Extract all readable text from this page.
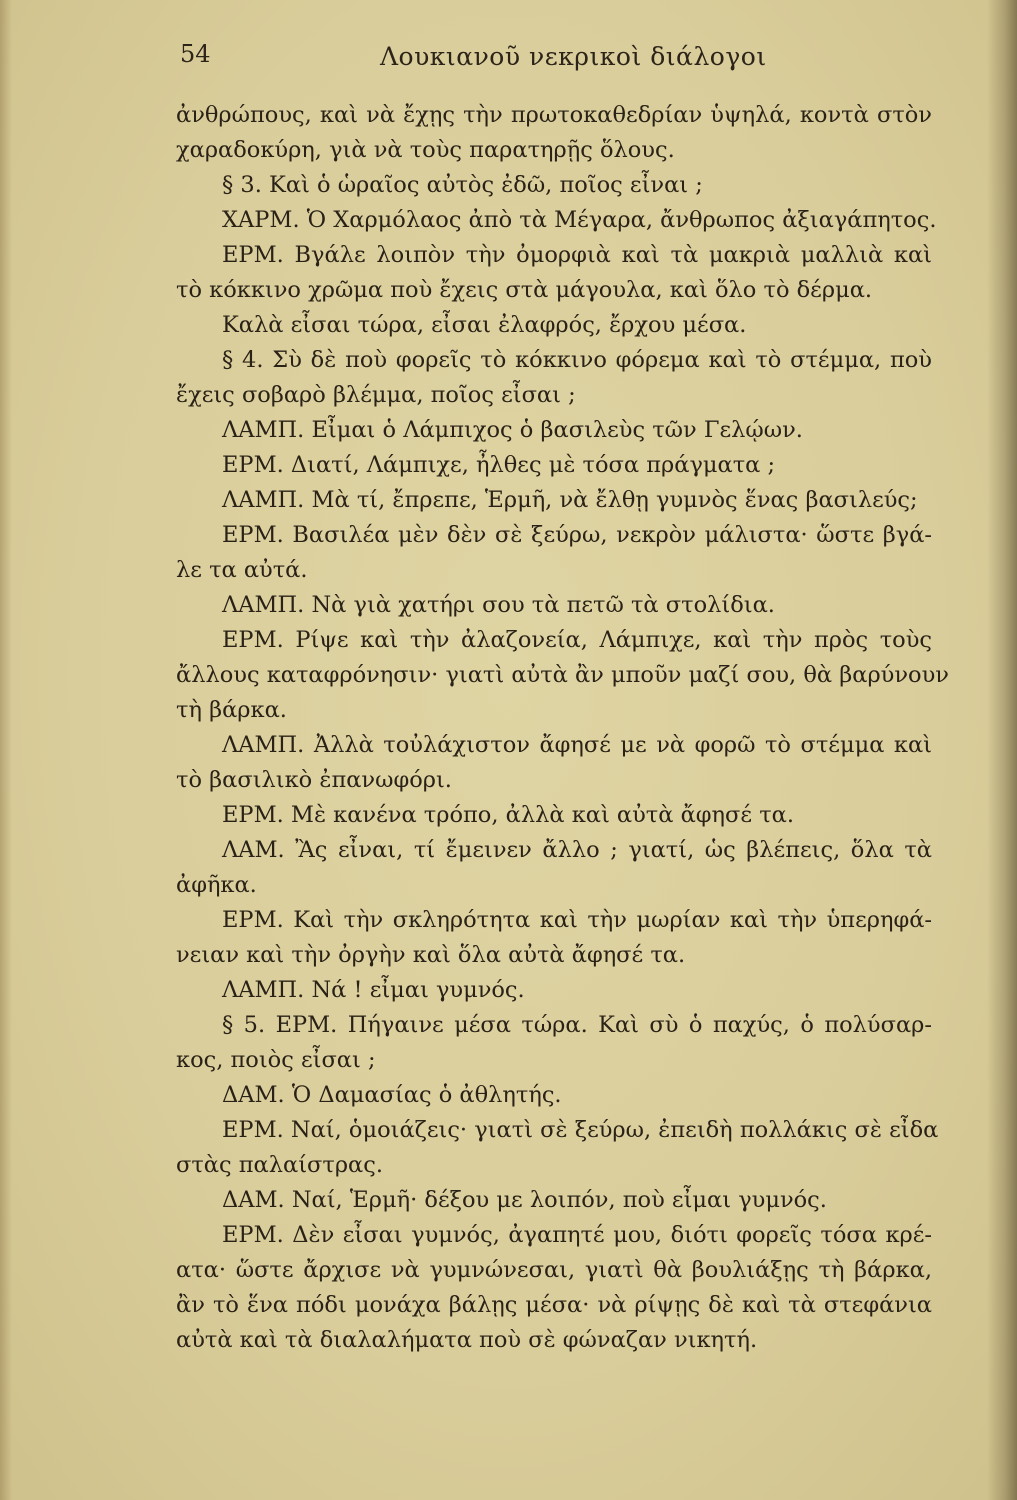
54	Λουκιανοῦ νεκρικοὶ διάλογοι
ἀνθρώπους, καὶ νὰ ἔχῃς τὴν πρωτοκαθεδρίαν ὑψηλά, κοντὰ στὸν
χαραδοκύρη, γιὰ νὰ τοὺς παρατηρῇς ὅλους.
§ 3. Καὶ ὁ ὡραῖος αὐτὸς ἐδῶ, ποῖος εἶναι ;
ΧΑΡΜ. Ὁ Χαρμόλαος ἀπὸ τὰ Μέγαρα, ἄνθρωπος ἀξιαγάπητος.
ΕΡΜ. Βγάλε λοιπὸν τὴν ὀμορφιὰ καὶ τὰ μακριὰ μαλλιὰ καὶ
τὸ κόκκινο χρῶμα ποὺ ἔχεις στὰ μάγουλα, καὶ ὅλο τὸ δέρμα.
Καλὰ εἶσαι τώρα, εἶσαι ἐλαφρός, ἔρχου μέσα.
§ 4. Σὺ δὲ ποὺ φορεῖς τὸ κόκκινο φόρεμα καὶ τὸ στέμμα, ποὺ
ἔχεις σοβαρὸ βλέμμα, ποῖος εἶσαι ;
ΛΑΜΠ. Εἶμαι ὁ Λάμπιχος ὁ βασιλεὺς τῶν Γελῴων.
ΕΡΜ. Διατί, Λάμπιχε, ἦλθες μὲ τόσα πράγματα ;
ΛΑΜΠ. Μὰ τί, ἔπρεπε, Ἑρμῆ, νὰ ἔλθῃ γυμνὸς ἕνας βασιλεύς;
ΕΡΜ. Βασιλέα μὲν δὲν σὲ ξεύρω, νεκρὸν μάλιστα· ὥστε βγά-
λε τα αὐτά.
ΛΑΜΠ. Νὰ γιὰ χατήρι σου τὰ πετῶ τὰ στολίδια.
ΕΡΜ. Ρίψε καὶ τὴν ἀλαζονεία, Λάμπιχε, καὶ τὴν πρὸς τοὺς
ἄλλους καταφρόνησιν· γιατὶ αὐτὰ ἂν μποῦν μαζί σου, θὰ βαρύνουν
τὴ βάρκα.
ΛΑΜΠ. Ἀλλὰ τοὐλάχιστον ἄφησέ με νὰ φορῶ τὸ στέμμα καὶ
τὸ βασιλικὸ ἐπανωφόρι.
ΕΡΜ. Μὲ κανένα τρόπο, ἀλλὰ καὶ αὐτὰ ἄφησέ τα.
ΛΑΜ. Ἂς εἶναι, τί ἔμεινεν ἄλλο ; γιατί, ὡς βλέπεις, ὅλα τὰ
ἀφῆκα.
ΕΡΜ. Καὶ τὴν σκληρότητα καὶ τὴν μωρίαν καὶ τὴν ὑπερηφά-
νειαν καὶ τὴν ὀργὴν καὶ ὅλα αὐτὰ ἄφησέ τα.
ΛΑΜΠ. Νά ! εἶμαι γυμνός.
§ 5. ΕΡΜ. Πήγαινε μέσα τώρα. Καὶ σὺ ὁ παχύς, ὁ πολύσαρ-
κος, ποιὸς εἶσαι ;
ΔΑΜ. Ὁ Δαμασίας ὁ ἀθλητής.
ΕΡΜ. Ναί, ὁμοιάζεις· γιατὶ σὲ ξεύρω, ἐπειδὴ πολλάκις σὲ εἶδα
στὰς παλαίστρας.
ΔΑΜ. Ναί, Ἑρμῆ· δέξου με λοιπόν, ποὺ εἶμαι γυμνός.
ΕΡΜ. Δὲν εἶσαι γυμνός, ἀγαπητέ μου, διότι φορεῖς τόσα κρέ-
ατα· ὥστε ἄρχισε νὰ γυμνώνεσαι, γιατὶ θὰ βουλιάξῃς τὴ βάρκα,
ἂν τὸ ἕνα πόδι μονάχα βάλῃς μέσα· νὰ ρίψῃς δὲ καὶ τὰ στεφάνια
αὐτὰ καὶ τὰ διαλαλήματα ποὺ σὲ φώναζαν νικητή.
